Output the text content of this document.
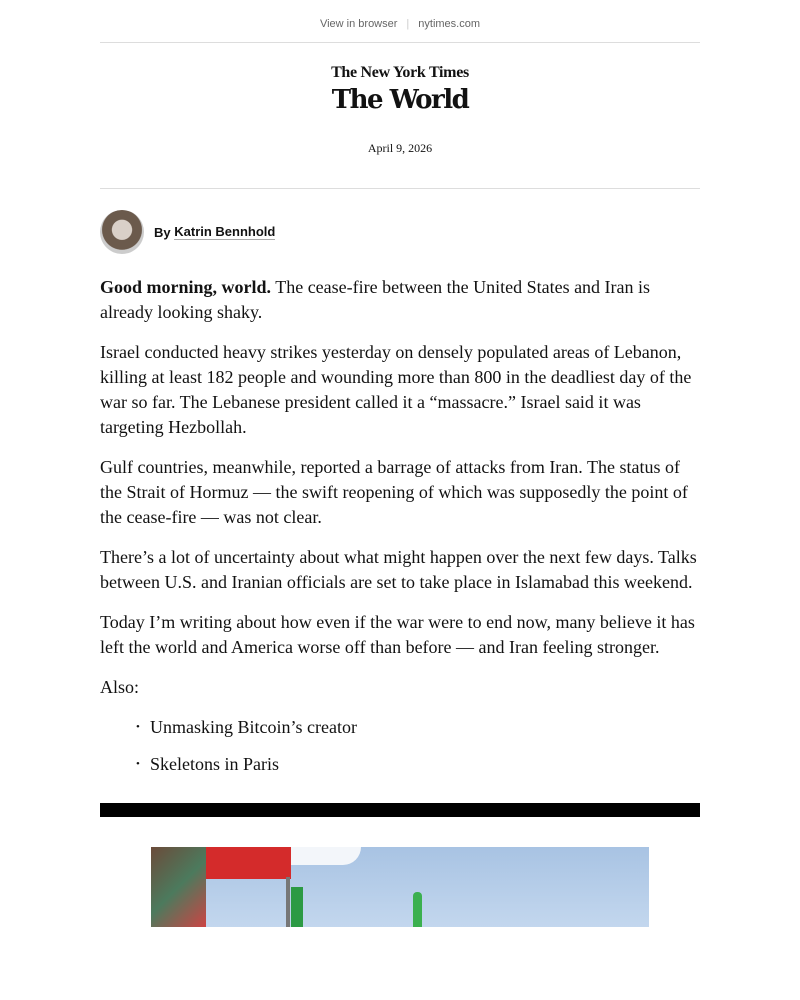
View in browser | nytimes.com
The New York Times
The World
April 9, 2026
By
Katrin Bennhold

Good morning, world. The cease-fire between the United States and Iran is already looking shaky.

Israel conducted heavy strikes yesterday on densely populated areas of Lebanon, killing at least 182 people and wounding more than 800 in the deadliest day of the war so far. The Lebanese president called it a “massacre.” Israel said it was targeting Hezbollah.

Gulf countries, meanwhile, reported a barrage of attacks from Iran. The status of the Strait of Hormuz — the swift reopening of which was supposedly the point of the cease-fire — was not clear.

There’s a lot of uncertainty about what might happen over the next few days. Talks between U.S. and Iranian officials are set to take place in Islamabad this weekend.

Today I’m writing about how even if the war were to end now, many believe it has left the world and America worse off than before — and Iran feeling stronger.

Also:

• Unmasking Bitcoin’s creator
• Skeletons in Paris
